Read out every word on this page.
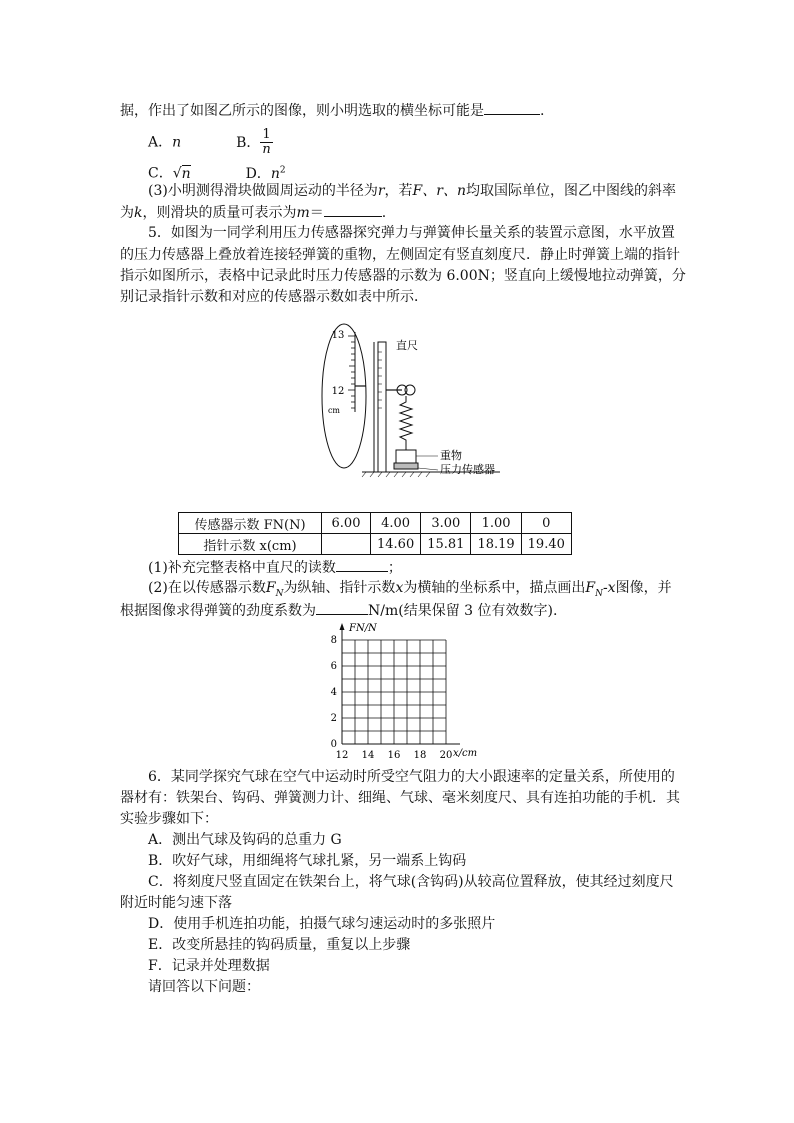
据，作出了如图乙所示的图像，则小明选取的横坐标可能是	.
A．n	B． $\frac{1}{n}$
C．√n	D．$n^2$
(3)小明测得滑块做圆周运动的半径为r，若F、r、n均取国际单位，图乙中图线的斜率
为k，则滑块的质量可表示为m＝	.
5．如图为一同学利用压力传感器探究弹力与弹簧伸长量关系的装置示意图，水平放置
的压力传感器上叠放着连接轻弹簧的重物，左侧固定有竖直刻度尺．静止时弹簧上端的指针
指示如图所示，表格中记录此时压力传感器的示数为 6.00N；竖直向上缓慢地拉动弹簧，分
别记录指针示数和对应的传感器示数如表中所示．
13
12
cm
直尺
重物
压力传感器
传感器示数 FN(N)	6.00	4.00	3.00	1.00	0
指针示数 x(cm)		14.60	15.81	18.19	19.40
(1)补充完整表格中直尺的读数	；
(2)在以传感器示数$F_N$为纵轴、指针示数x为横轴的坐标系中，描点画出$F_N-x$图像，并
根据图像求得弹簧的劲度系数为	N/m(结果保留 3 位有效数字).
FN/N
x/cm
0
2
4
6
8
12 14 16 18 20
6．某同学探究气球在空气中运动时所受空气阻力的大小跟速率的定量关系，所使用的
器材有：铁架台、钩码、弹簧测力计、细绳、气球、毫米刻度尺、具有连拍功能的手机．其
实验步骤如下：
A．测出气球及钩码的总重力 G
B．吹好气球，用细绳将气球扎紧，另一端系上钩码
C．将刻度尺竖直固定在铁架台上，将气球(含钩码)从较高位置释放，使其经过刻度尺
附近时能匀速下落
D．使用手机连拍功能，拍摄气球匀速运动时的多张照片
E．改变所悬挂的钩码质量，重复以上步骤
F．记录并处理数据
请回答以下问题：
